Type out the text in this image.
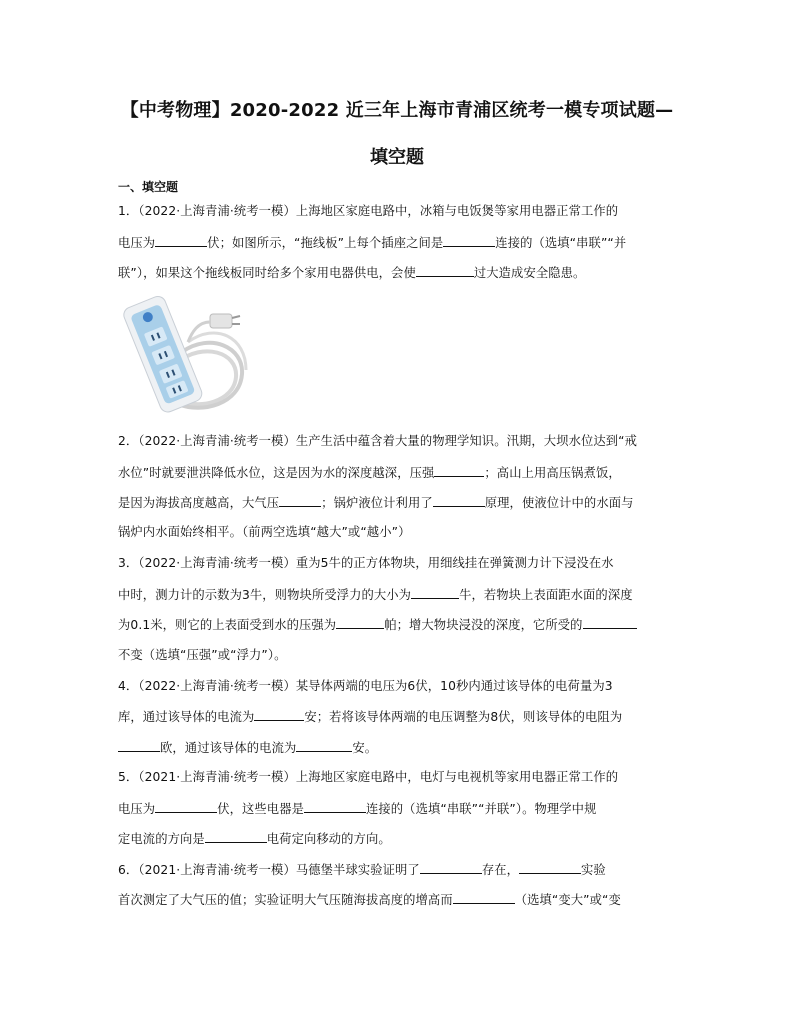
【中考物理】2020-2022 近三年上海市青浦区统考一模专项试题—
填空题
一、填空题
1．（2022·上海青浦·统考一模）上海地区家庭电路中，冰箱与电饭煲等家用电器正常工作的
电压为	伏；如图所示，“拖线板”上每个插座之间是	连接的（选填“串联”“并
联”），如果这个拖线板同时给多个家用电器供电，会使	过大造成安全隐患。
2．（2022·上海青浦·统考一模）生产生活中蕴含着大量的物理学知识。汛期，大坝水位达到“戒
水位”时就要泄洪降低水位，这是因为水的深度越深，压强	；高山上用高压锅煮饭，
是因为海拔高度越高，大气压	；锅炉液位计利用了	原理，使液位计中的水面与
锅炉内水面始终相平。（前两空选填“越大”或“越小”）
3．（2022·上海青浦·统考一模）重为5牛的正方体物块，用细线挂在弹簧测力计下浸没在水
中时，测力计的示数为3牛，则物块所受浮力的大小为	牛，若物块上表面距水面的深度
为0.1米，则它的上表面受到水的压强为	帕；增大物块浸没的深度，它所受的
不变（选填“压强”或“浮力”）。
4．（2022·上海青浦·统考一模）某导体两端的电压为6伏，10秒内通过该导体的电荷量为3
库，通过该导体的电流为	安；若将该导体两端的电压调整为8伏，则该导体的电阻为
欧，通过该导体的电流为	安。
5．（2021·上海青浦·统考一模）上海地区家庭电路中，电灯与电视机等家用电器正常工作的
电压为	伏，这些电器是	连接的（选填“串联”“并联”）。物理学中规
定电流的方向是	电荷定向移动的方向。
6．（2021·上海青浦·统考一模）马德堡半球实验证明了	存在，	实验
首次测定了大气压的值；实验证明大气压随海拔高度的增高而	（选填“变大”或“变
